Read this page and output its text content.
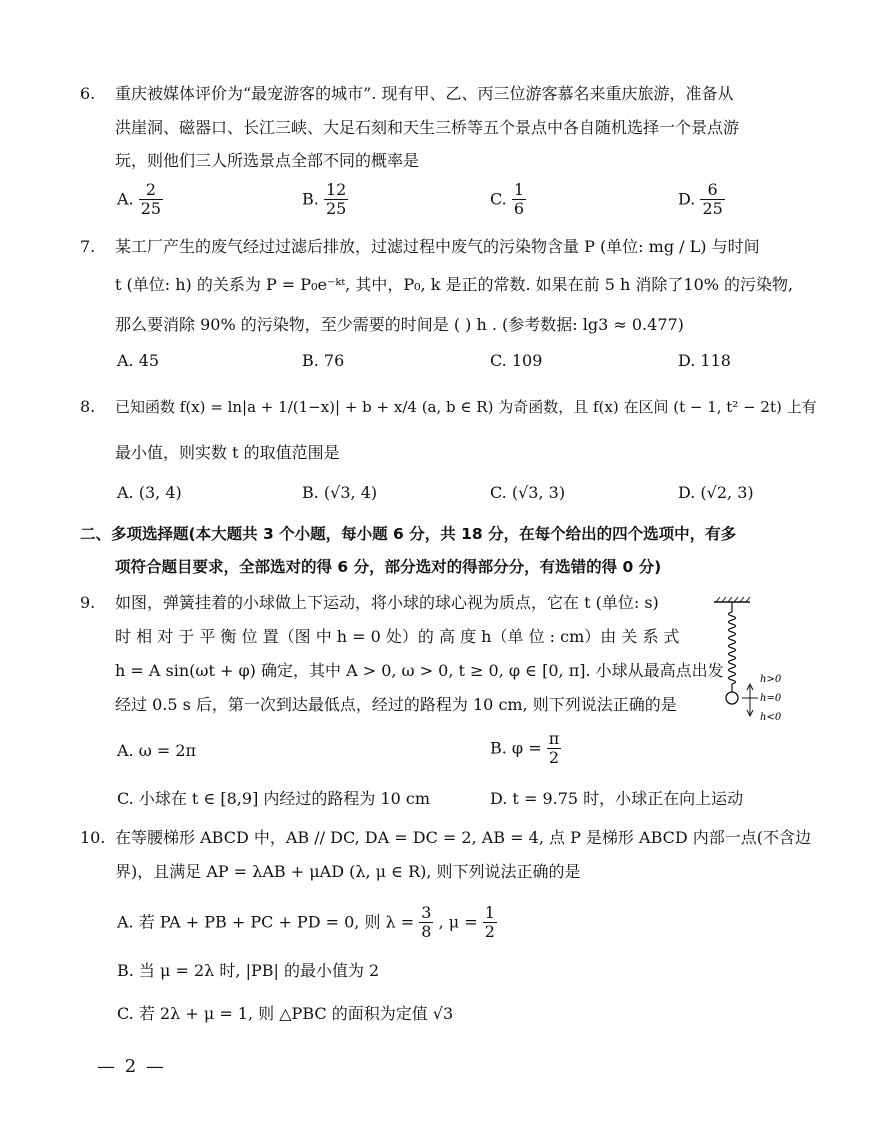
6. 重庆被媒体评价为“最宠游客的城市”. 现有甲、乙、丙三位游客慕名来重庆旅游，准备从
洪崖洞、磁器口、长江三峡、大足石刻和天生三桥等五个景点中各自随机选择一个景点游
玩，则他们三人所选景点全部不同的概率是
A. $\frac{2}{25}$	B. $\frac{12}{25}$	C. $\frac{1}{6}$	D. $\frac{6}{25}$
7. 某工厂产生的废气经过过滤后排放，过滤过程中废气的污染物含量 P (单位: mg / L) 与时间
t (单位: h) 的关系为 P = P₀e⁻ᵏᵗ, 其中，P₀, k 是正的常数. 如果在前 5 h 消除了10% 的污染物,
那么要消除 90% 的污染物，至少需要的时间是 ( ) h . (参考数据: lg3 ≈ 0.477)
A. 45	B. 76	C. 109	D. 118
8. 已知函数 f(x) = ln|a + 1/(1−x)| + b + x/4 (a, b ∈ R) 为奇函数，且 f(x) 在区间 (t − 1, t² − 2t) 上有
最小值，则实数 t 的取值范围是
A. (3, 4)	B. (√3, 4)	C. (√3, 3)	D. (√2, 3)
二、多项选择题(本大题共 3 个小题，每小题 6 分，共 18 分，在每个给出的四个选项中，有多
项符合题目要求，全部选对的得 6 分，部分选对的得部分分，有选错的得 0 分)
9. 如图，弹簧挂着的小球做上下运动，将小球的球心视为质点，它在 t (单位: s)
时 相 对 于 平 衡 位 置（图 中 h = 0 处）的 高 度 h（单 位 : cm）由 关 系 式
h = A sin(ωt + φ) 确定，其中 A > 0, ω > 0, t ≥ 0, φ ∈ [0, π]. 小球从最高点出发
经过 0.5 s 后，第一次到达最低点，经过的路程为 10 cm, 则下列说法正确的是
h>0
h=0
h<0
A. ω = 2π	B. $\varphi = \frac{\pi}{2}$
C. 小球在 t ∈ [8,9] 内经过的路程为 10 cm	D. t = 9.75 时，小球正在向上运动
10. 在等腰梯形 ABCD 中，AB // DC, DA = DC = 2, AB = 4, 点 P 是梯形 ABCD 内部一点(不含边
界)，且满足 AP = λAB + μAD (λ, μ ∈ R), 则下列说法正确的是
A. 若 PA + PB + PC + PD = 0, 则 $\lambda = \frac{3}{8}$ , $\mu = \frac{1}{2}$
B. 当 μ = 2λ 时, |PB| 的最小值为 2
C. 若 2λ + μ = 1, 则 △PBC 的面积为定值 √3
— 2 —
